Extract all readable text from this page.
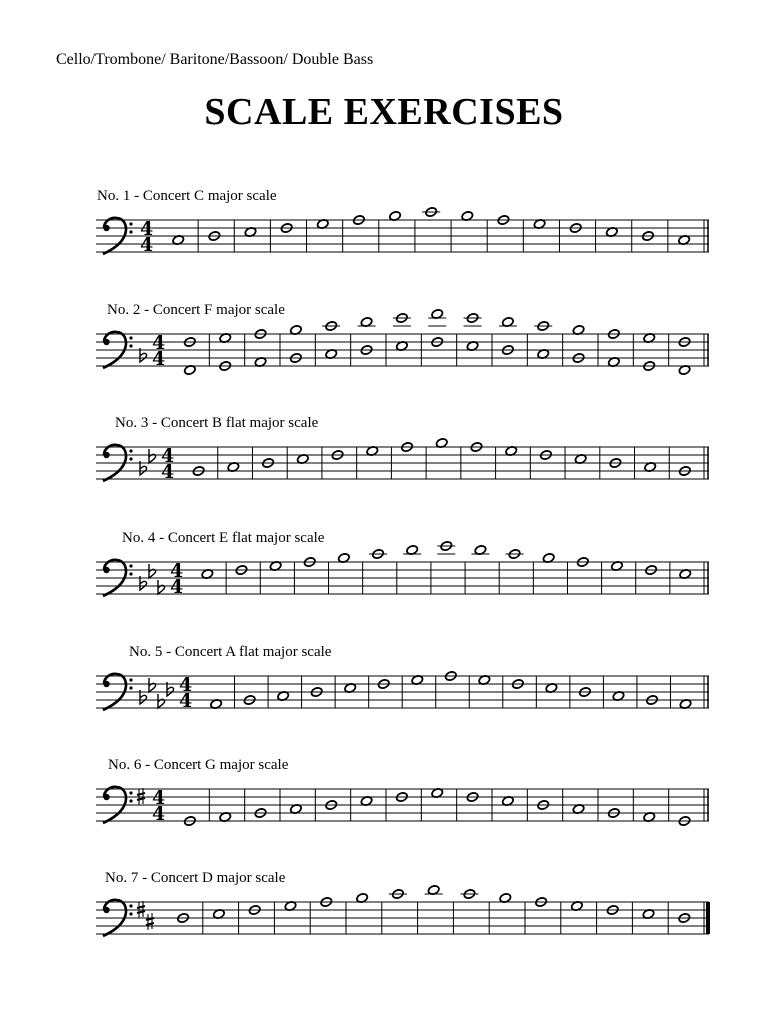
Cello/Trombone/ Baritone/Bassoon/ Double Bass
SCALE EXERCISES
No. 1 - Concert C major scale
4
4
No. 2 - Concert F major scale
4
4
No. 3 - Concert B flat major scale
4
4
No. 4 - Concert E flat major scale
4
4
No. 5 - Concert A flat major scale
4
4
No. 6 - Concert G major scale
4
4
No. 7 - Concert D major scale
